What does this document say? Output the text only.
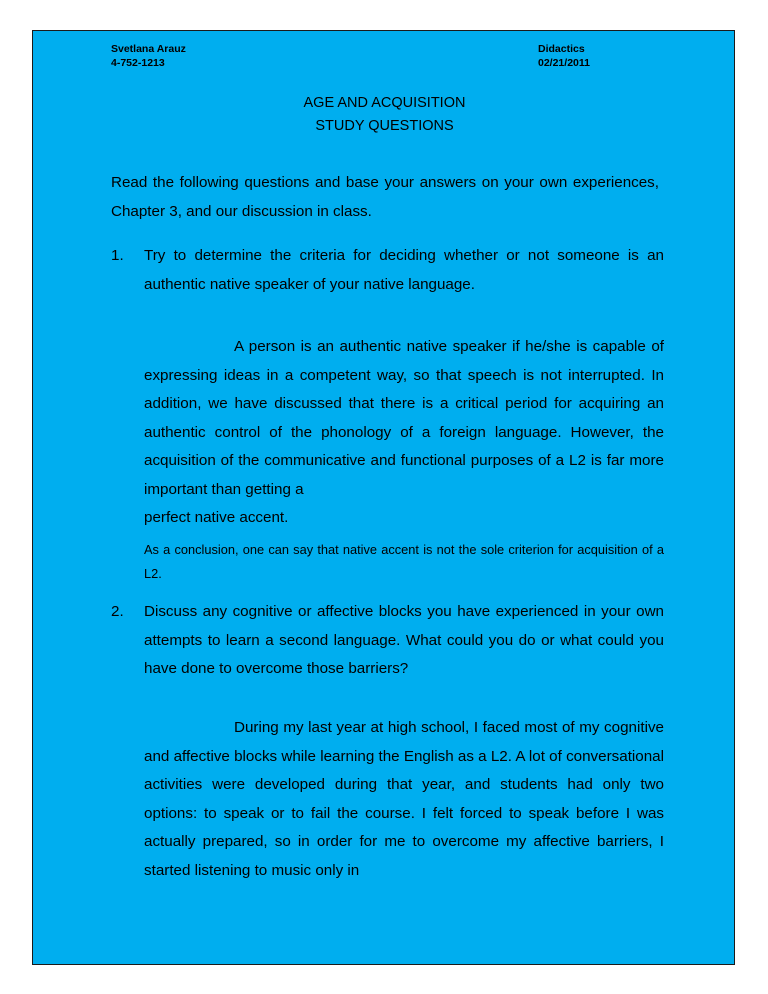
Svetlana Arauz
4-752-1213
Didactics
02/21/2011
AGE AND ACQUISITION
STUDY QUESTIONS

Read the following questions and base your answers on your own experiences, Chapter 3, and our discussion in class.

1. Try to determine the criteria for deciding whether or not someone is an authentic native speaker of your native language.

A person is an authentic native speaker if he/she is capable of expressing ideas in a competent way, so that speech is not interrupted. In addition, we have discussed that there is a critical period for acquiring an authentic control of the phonology of a foreign language. However, the acquisition of the communicative and functional purposes of a L2 is far more important than getting a

perfect native accent.

As a conclusion, one can say that native accent is not the sole criterion for acquisition of a L2.

2. Discuss any cognitive or affective blocks you have experienced in your own attempts to learn a second language. What could you do or what could you have done to overcome those barriers?

During my last year at high school, I faced most of my cognitive and affective blocks while learning the English as a L2. A lot of conversational activities were developed during that year, and students had only two options: to speak or to fail the course. I felt forced to speak before I was actually prepared, so in order for me to overcome my affective barriers, I started listening to music only in
